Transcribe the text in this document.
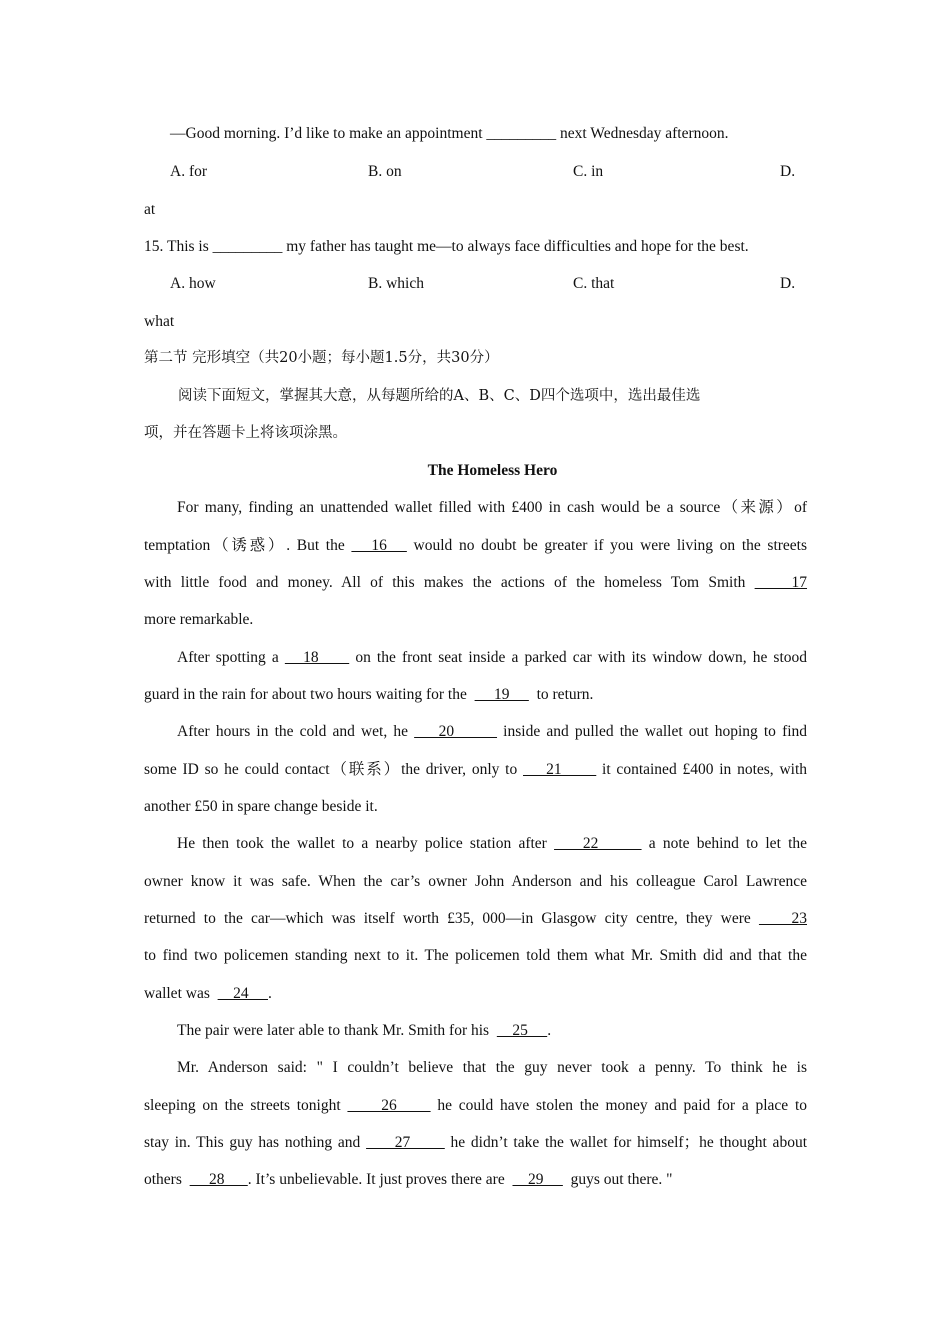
—Good morning. I’d like to make an appointment _________ next Wednesday afternoon.
A. for	B. on	C. in	D.
at
15. This is _________ my father has taught me—to always face difficulties and hope for the best.
A. how	B. which	C. that	D.
what
第二节 完形填空（共20小题；每小题1.5分，共30分）
阅读下面短文，掌握其大意，从每题所给的A、B、C、D四个选项中，选出最佳选
项，并在答题卡上将该项涂黑。
The Homeless Hero
For many, finding an unattended wallet filled with £400 in cash would be a source（来源）of
temptation（诱惑）. But the    16    would no doubt be greater if you were living on the streets
with little food and money. All of this makes the actions of the homeless Tom Smith     17
more remarkable.
After spotting a    18      on the front seat inside a parked car with its window down, he stood
guard in the rain for about two hours waiting for the       19       to return.
After hours in the cold and wet, he     20        inside and pulled the wallet out hoping to find
some ID so he could contact（联系）the driver, only to     21       it contained £400 in notes, with
another £50 in spare change beside it.
He then took the wallet to a nearby police station after     22       a note behind to let the
owner know it was safe. When the car’s owner John Anderson and his colleague Carol Lawrence
returned to the car—which was itself worth £35, 000—in Glasgow city centre, they were     23
to find two policemen standing next to it. The policemen told them what Mr. Smith did and that the
wallet was      24     .
The pair were later able to thank Mr. Smith for his      25     .
Mr. Anderson said: " I couldn’t believe that the guy never took a penny. To think he is
sleeping on the streets tonight      26      he could have stolen the money and paid for a place to
stay in. This guy has nothing and      27       he didn’t take the wallet for himself；he thought about
others       28      . It’s unbelievable. It just proves there are      29       guys out there. "
